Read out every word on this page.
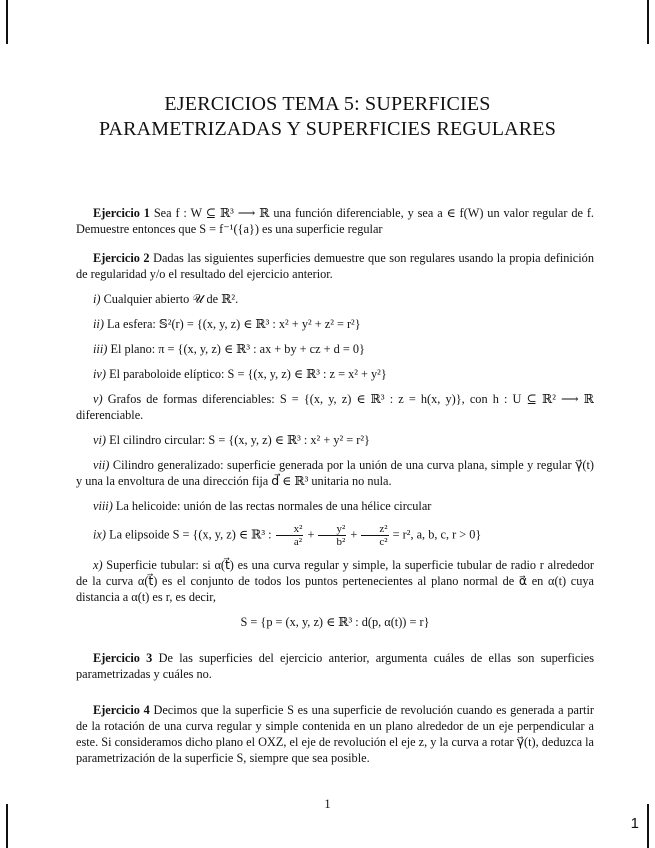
EJERCICIOS TEMA 5: SUPERFICIES
PARAMETRIZADAS Y SUPERFICIES REGULARES

Ejercicio 1 Sea f : W ⊆ ℝ³ ⟶ ℝ una función diferenciable, y sea a ∈ f(W) un valor regular de f. Demuestre entonces que S = f⁻¹({a}) es una superficie regular

Ejercicio 2 Dadas las siguientes superficies demuestre que son regulares usando la propia definición de regularidad y/o el resultado del ejercicio anterior.

i) Cualquier abierto 𝒰 de ℝ².

ii) La esfera: 𝕊²(r) = {(x, y, z) ∈ ℝ³ : x² + y² + z² = r²}

iii) El plano: π = {(x, y, z) ∈ ℝ³ : ax + by + cz + d = 0}

iv) El paraboloide elíptico: S = {(x, y, z) ∈ ℝ³ : z = x² + y²}

v) Grafos de formas diferenciables: S = {(x, y, z) ∈ ℝ³ : z = h(x, y)}, con h : U ⊆ ℝ² ⟶ ℝ diferenciable.

vi) El cilindro circular: S = {(x, y, z) ∈ ℝ³ : x² + y² = r²}

vii) Cilindro generalizado: superficie generada por la unión de una curva plana, simple y regular γ⃗(t) y una la envoltura de una dirección fija d⃗ ∈ ℝ³ unitaria no nula.

viii) La helicoide: unión de las rectas normales de una hélice circular

ix) La elipsoide S = {(x, y, z) ∈ ℝ³ : $\frac{\text{x²}}{\text{a²}} + \frac{\text{y²}}{\text{b²}} + \frac{\text{z²}}{\text{c²}} = r^2$, a, b, c, r > 0}

x) Superficie tubular: si α(t⃗) es una curva regular y simple, la superficie tubular de radio r alrededor de la curva α(t⃗) es el conjunto de todos los puntos pertenecientes al plano normal de α⃗ en α(t) cuya distancia a α(t) es r, es decir,

S = {p = (x, y, z) ∈ ℝ³ : d(p, α(t)) = r}

Ejercicio 3 De las superficies del ejercicio anterior, argumenta cuáles de ellas son superficies parametrizadas y cuáles no.

Ejercicio 4 Decimos que la superficie S es una superficie de revolución cuando es generada a partir de la rotación de una curva regular y simple contenida en un plano alrededor de un eje perpendicular a este. Si consideramos dicho plano el OXZ, el eje de revolución el eje z, y la curva a rotar γ⃗(t), deduzca la parametrización de la superficie S, siempre que sea posible.

1
1
